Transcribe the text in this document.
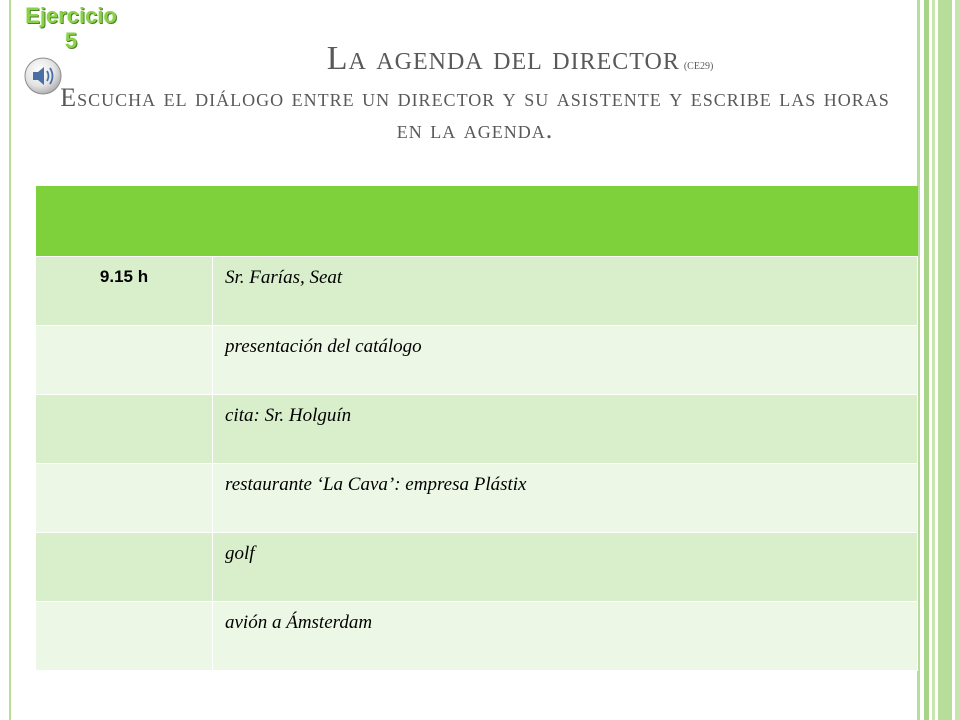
Ejercicio
5	La agenda del director (CE29)
Escucha el diálogo entre un director y su asistente y escribe las horas en la agenda.

9.15 h	Sr. Farías, Seat

	presentación del catálogo

	cita: Sr. Holguín

	restaurante ‘La Cava’: empresa Plástix

	golf

	avión a Ámsterdam
